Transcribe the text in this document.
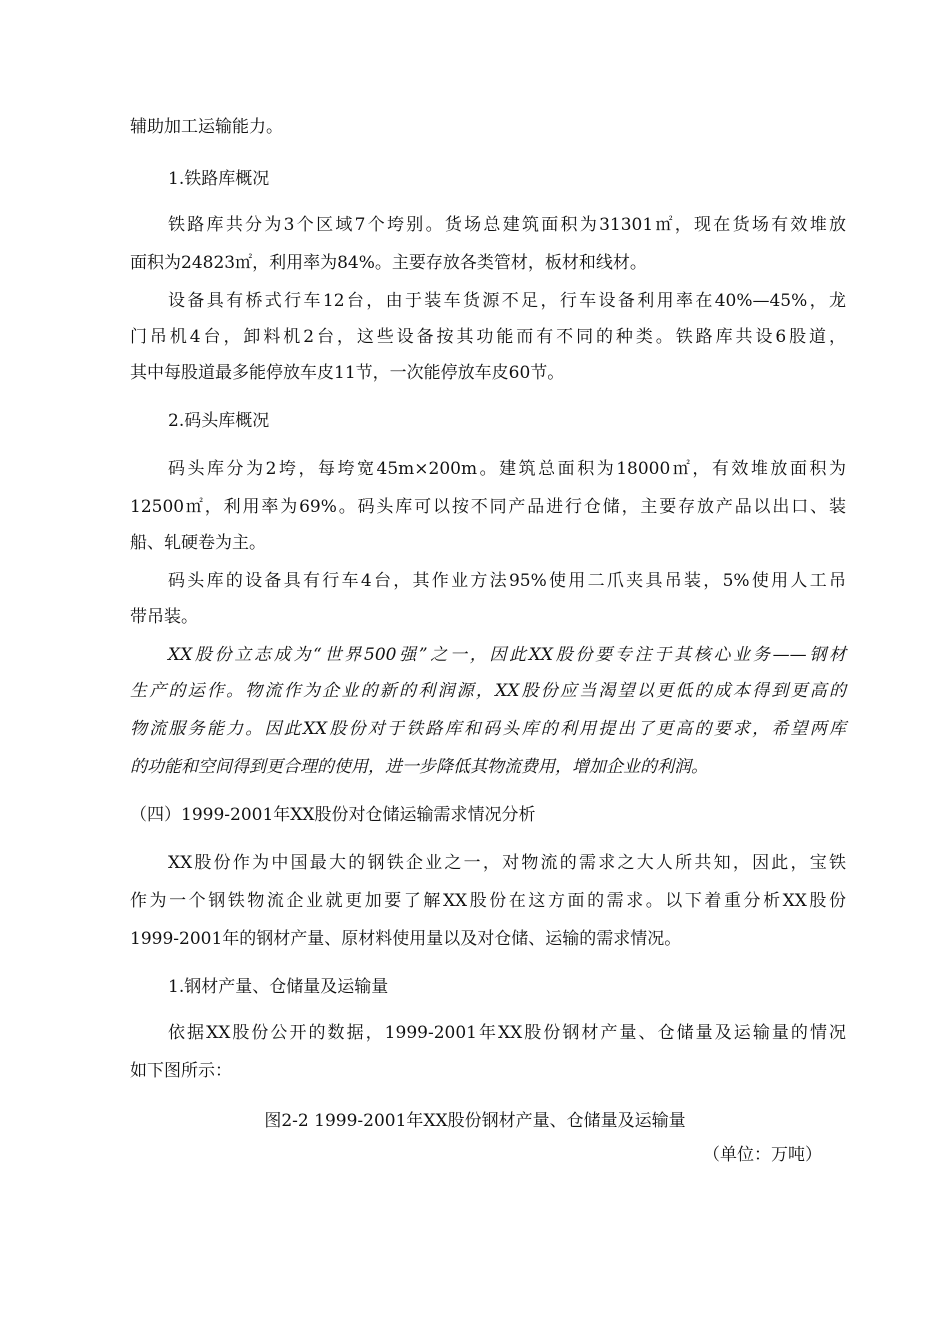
辅助加工运输能力。
1.铁路库概况
铁路库共分为3个区域7个垮别。货场总建筑面积为31301㎡，现在货场有效堆放
面积为24823㎡，利用率为84%。主要存放各类管材，板材和线材。
设备具有桥式行车12台，由于装车货源不足，行车设备利用率在40%—45%，龙
门吊机4台，卸料机2台，这些设备按其功能而有不同的种类。铁路库共设6股道，
其中每股道最多能停放车皮11节，一次能停放车皮60节。
2.码头库概况
码头库分为2垮，每垮宽45m×200m。建筑总面积为18000㎡，有效堆放面积为
12500㎡，利用率为69%。码头库可以按不同产品进行仓储，主要存放产品以出口、装
船、轧硬卷为主。
码头库的设备具有行车4台，其作业方法95%使用二爪夹具吊装，5%使用人工吊
带吊装。
XX股份立志成为“世界500强”之一，因此XX股份要专注于其核心业务——钢材
生产的运作。物流作为企业的新的利润源，XX股份应当渴望以更低的成本得到更高的
物流服务能力。因此XX股份对于铁路库和码头库的利用提出了更高的要求，希望两库
的功能和空间得到更合理的使用，进一步降低其物流费用，增加企业的利润。
（四）1999-2001年XX股份对仓储运输需求情况分析
XX股份作为中国最大的钢铁企业之一，对物流的需求之大人所共知，因此，宝铁
作为一个钢铁物流企业就更加要了解XX股份在这方面的需求。以下着重分析XX股份
1999-2001年的钢材产量、原材料使用量以及对仓储、运输的需求情况。
1.钢材产量、仓储量及运输量
依据XX股份公开的数据，1999-2001年XX股份钢材产量、仓储量及运输量的情况
如下图所示：
图2-2 1999-2001年XX股份钢材产量、仓储量及运输量
（单位：万吨）
